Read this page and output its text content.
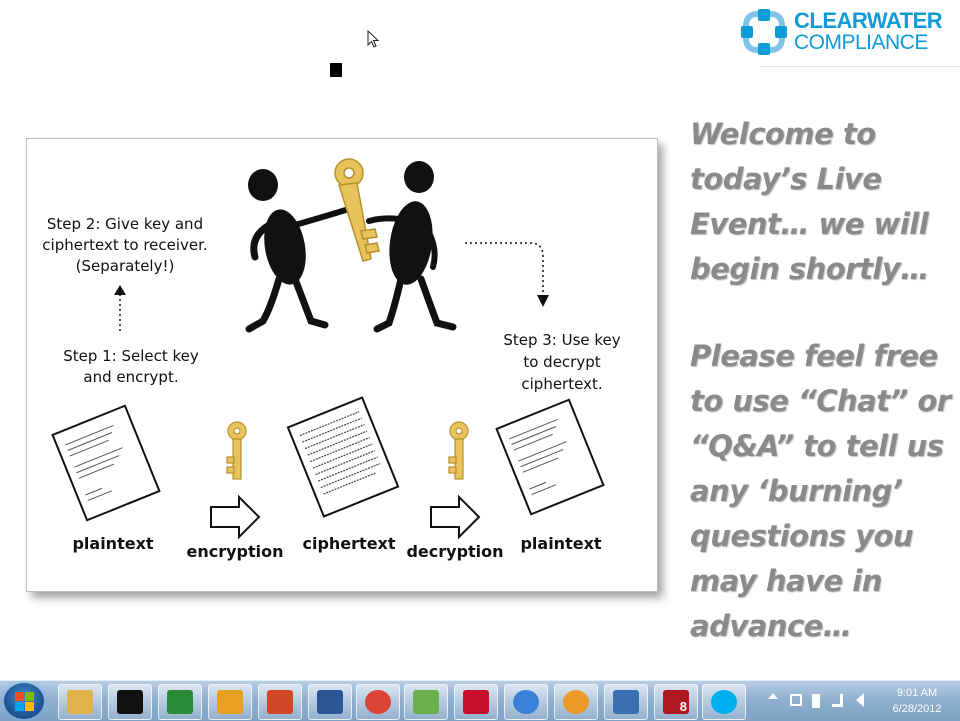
CLEARWATER
COMPLIANCE
Step 2: Give key and
ciphertext to receiver.
(Separately!)
Step 1: Select key
and encrypt.
Step 3: Use key
to decrypt
ciphertext.
plaintext encryption ciphertext decryption plaintext

Welcome to today’s Live Event… we will begin shortly…

Please feel free to use “Chat” or “Q&A” to tell us any ‘burning’ questions you may have in advance…

8
9:01 AM
6/28/2012
